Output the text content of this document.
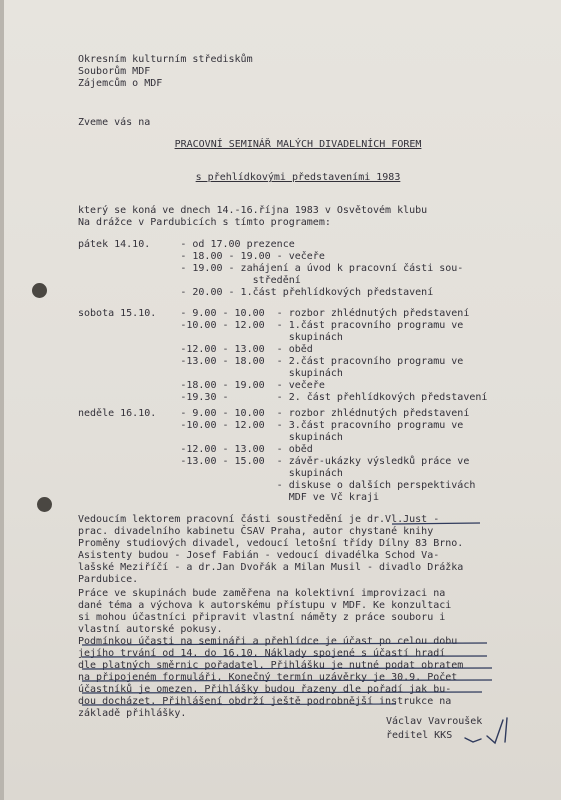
Okresním kulturním střediskům

Souborům MDF

Zájemcům o MDF

Zveme vás na

PRACOVNÍ SEMINÁŘ MALÝCH DIVADELNÍCH FOREM

s přehlídkovými představeními 1983

který se koná ve dnech 14.-16.října 1983 v Osvětovém klubu

Na drážce v Pardubicích s tímto programem:

pátek 14.10.     - od 17.00 prezence

- 18.00 - 19.00 - večeře

- 19.00 - zahájení a úvod k pracovní části sou-

středění

- 20.00 - 1.část přehlídkových představení

sobota 15.10.    - 9.00 - 10.00  - rozbor zhlédnutých představení

-10.00 - 12.00  - 1.část pracovního programu ve

skupinách

-12.00 - 13.00  - oběd

-13.00 - 18.00  - 2.část pracovního programu ve

skupinách

-18.00 - 19.00  - večeře

-19.30 -        - 2. část přehlídkových představení

neděle 16.10.    - 9.00 - 10.00  - rozbor zhlédnutých představení

-10.00 - 12.00  - 3.část pracovního programu ve

skupinách

-12.00 - 13.00  - oběd

-13.00 - 15.00  - závěr-ukázky výsledků práce ve

skupinách

- diskuse o dalších perspektivách

MDF ve Vč kraji

Vedoucím lektorem pracovní části soustředění je dr.Vl.Just -

prac. divadelního kabinetu ČSAV Praha, autor chystané knihy

Proměny studiových divadel, vedoucí letošní třídy Dílny 83 Brno.

Asistenty budou - Josef Fabián - vedoucí divadélka Schod Va-

lašské Meziříčí - a dr.Jan Dvořák a Milan Musil - divadlo Drážka

Pardubice.

Práce ve skupinách bude zaměřena na kolektivní improvizaci na

dané téma a výchova k autorskému přístupu v MDF. Ke konzultaci

si mohou účastníci připravit vlastní náměty z práce souboru i

vlastní autorské pokusy.

Podmínkou účasti na semináři a přehlídce je účast po celou dobu

jejího trvání od 14. do 16.10. Náklady spojené s účastí hradí

dle platných směrnic pořadatel. Přihlášku je nutné podat obratem

na připojeném formuláři. Konečný termín uzávěrky je 30.9. Počet

účastníků je omezen. Přihlášky budou řazeny dle pořadí jak bu-

dou docházet. Přihlášení obdrží ještě podrobnější instrukce na

základě přihlášky.

Václav Vavroušek

ředitel KKS
